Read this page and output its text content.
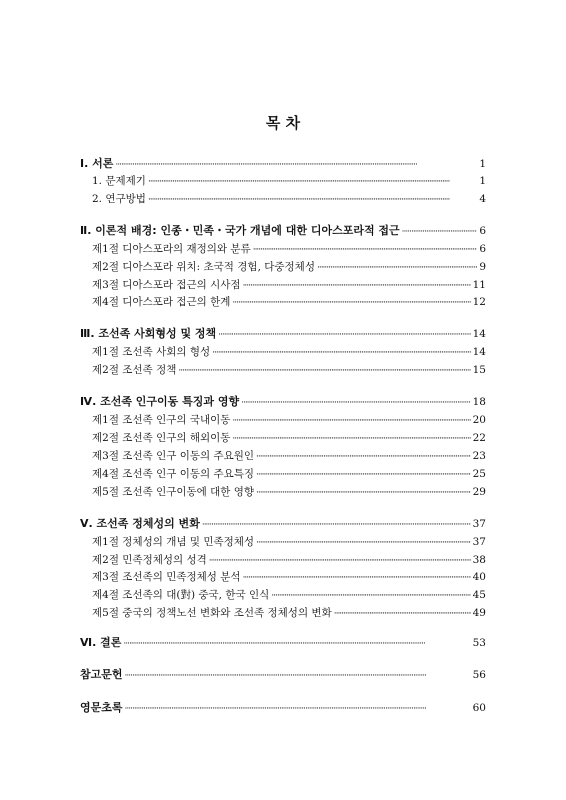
목 차
Ⅰ. 서론 ·····	1
1. 문제제기 ·····	1
2. 연구방법 ·····	4
Ⅱ. 이론적 배경: 인종・민족・국가 개념에 대한 디아스포라적 접근 ·····	6
제1절 디아스포라의 재정의와 분류 ·····	6
제2절 디아스포라 위치: 초국적 경험, 다중정체성 ·····	9
제3절 디아스포라 접근의 시사점 ·····	11
제4절 디아스포라 접근의 한계 ·····	12
Ⅲ. 조선족 사회형성 및 정책 ·····	14
제1절 조선족 사회의 형성 ·····	14
제2절 조선족 정책 ·····	15
Ⅳ. 조선족 인구이동 특징과 영향 ·····	18
제1절 조선족 인구의 국내이동 ·····	20
제2절 조선족 인구의 해외이동 ·····	22
제3절 조선족 인구 이동의 주요원인 ·····	23
제4절 조선족 인구 이동의 주요특징 ·····	25
제5절 조선족 인구이동에 대한 영향 ·····	29
Ⅴ. 조선족 정체성의 변화 ·····	37
제1절 정체성의 개념 및 민족정체성 ·····	37
제2절 민족정체성의 성격 ·····	38
제3절 조선족의 민족정체성 분석 ·····	40
제4절 조선족의 대(對) 중국, 한국 인식 ·····	45
제5절 중국의 정책노선 변화와 조선족 정체성의 변화 ·····	49
Ⅵ. 결론 ·····	53
참고문헌 ·····	56
영문초록 ·····	60
